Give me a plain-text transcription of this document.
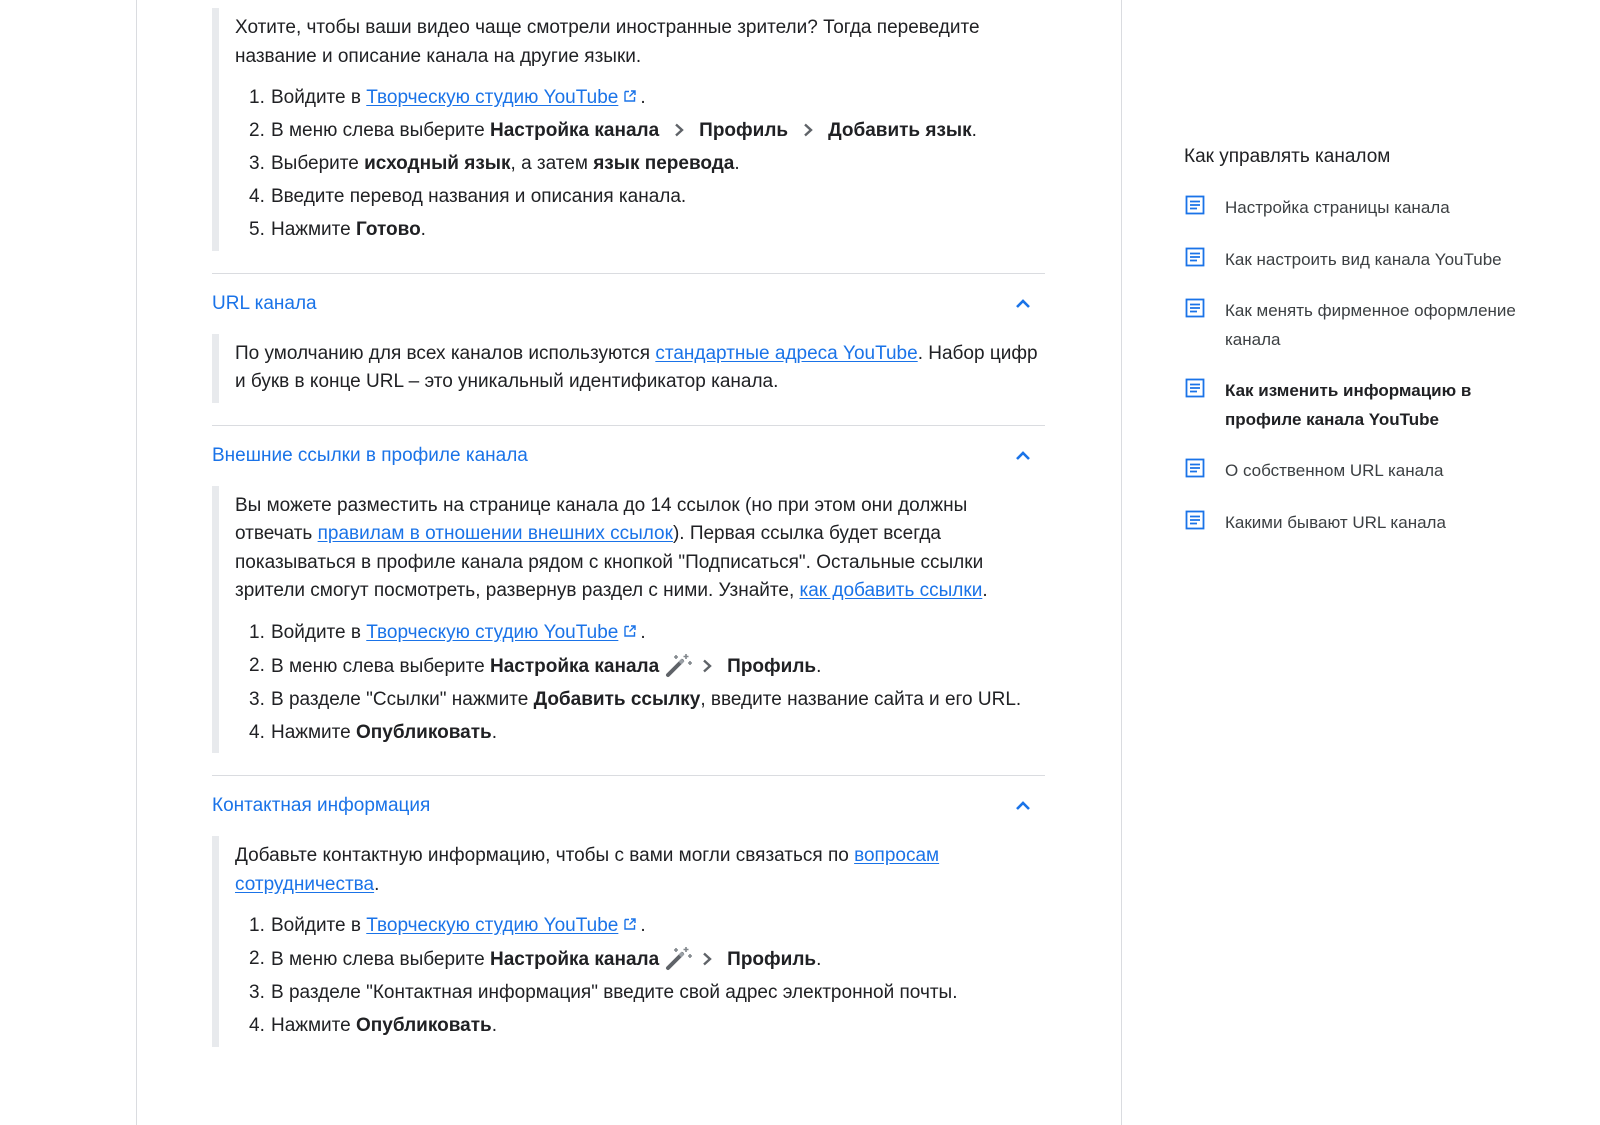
Хотите, чтобы ваши видео чаще смотрели иностранные зрители? Тогда переведите название и описание канала на другие языки.

1. Войдите в Творческую студию YouTube .
2. В меню слева выберите Настройка канала Профиль Добавить язык.
3. Выберите исходный язык, а затем язык перевода.
4. Введите перевод названия и описания канала.
5. Нажмите Готово.
URL канала

По умолчанию для всех каналов используются стандартные адреса YouTube. Набор цифр и букв в конце URL – это уникальный идентификатор канала.

Внешние ссылки в профиле канала

Вы можете разместить на странице канала до 14 ссылок (но при этом они должны отвечать правилам в отношении внешних ссылок). Первая ссылка будет всегда показываться в профиле канала рядом с кнопкой "Подписаться". Остальные ссылки зрители смогут посмотреть, развернув раздел с ними. Узнайте, как добавить ссылки.

1. Войдите в Творческую студию YouTube .
2. В меню слева выберите Настройка канала	Профиль.
3. В разделе "Ссылки" нажмите Добавить ссылку, введите название сайта и его URL.
4. Нажмите Опубликовать.
Контактная информация

Добавьте контактную информацию, чтобы с вами могли связаться по вопросам сотрудничества.

1. Войдите в Творческую студию YouTube .
2. В меню слева выберите Настройка канала	Профиль.
3. В разделе "Контактная информация" введите свой адрес электронной почты.
4. Нажмите Опубликовать.
Как управлять каналом
Настройка страницы канала
Как настроить вид канала YouTube
Как менять фирменное оформление канала
Как изменить информацию в профиле канала YouTube
О собственном URL канала
Какими бывают URL канала
